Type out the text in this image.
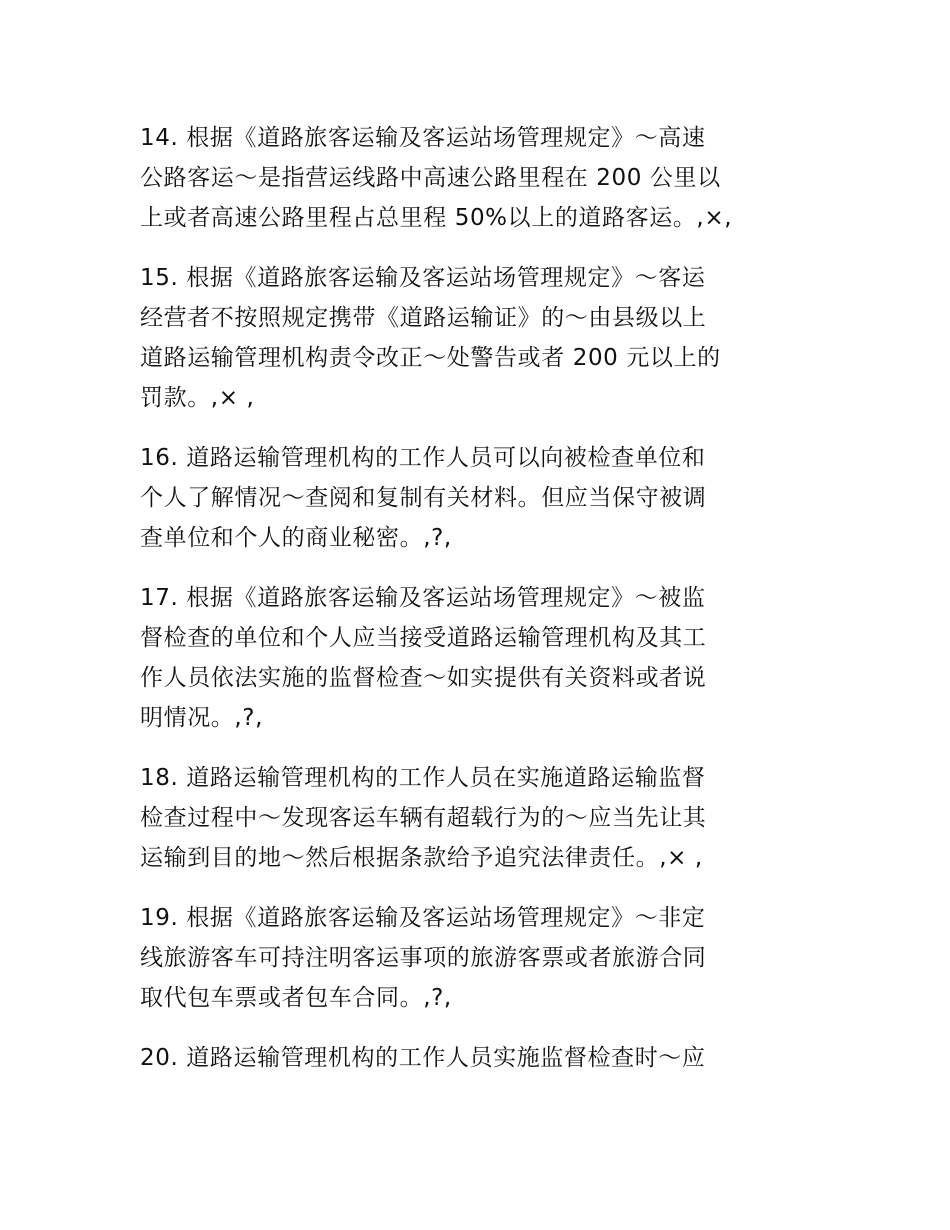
14. 根据《道路旅客运输及客运站场管理规定》～高速
公路客运～是指营运线路中高速公路里程在 200 公里以
上或者高速公路里程占总里程 50%以上的道路客运。,×,
15. 根据《道路旅客运输及客运站场管理规定》～客运
经营者不按照规定携带《道路运输证》的～由县级以上
道路运输管理机构责令改正～处警告或者 200 元以上的
罚款。,× ,
16. 道路运输管理机构的工作人员可以向被检查单位和
个人了解情况～查阅和复制有关材料。但应当保守被调
查单位和个人的商业秘密。,?,
17. 根据《道路旅客运输及客运站场管理规定》～被监
督检查的单位和个人应当接受道路运输管理机构及其工
作人员依法实施的监督检查～如实提供有关资料或者说
明情况。,?,
18. 道路运输管理机构的工作人员在实施道路运输监督
检查过程中～发现客运车辆有超载行为的～应当先让其
运输到目的地～然后根据条款给予追究法律责任。,× ,
19. 根据《道路旅客运输及客运站场管理规定》～非定
线旅游客车可持注明客运事项的旅游客票或者旅游合同
取代包车票或者包车合同。,?,
20. 道路运输管理机构的工作人员实施监督检查时～应
